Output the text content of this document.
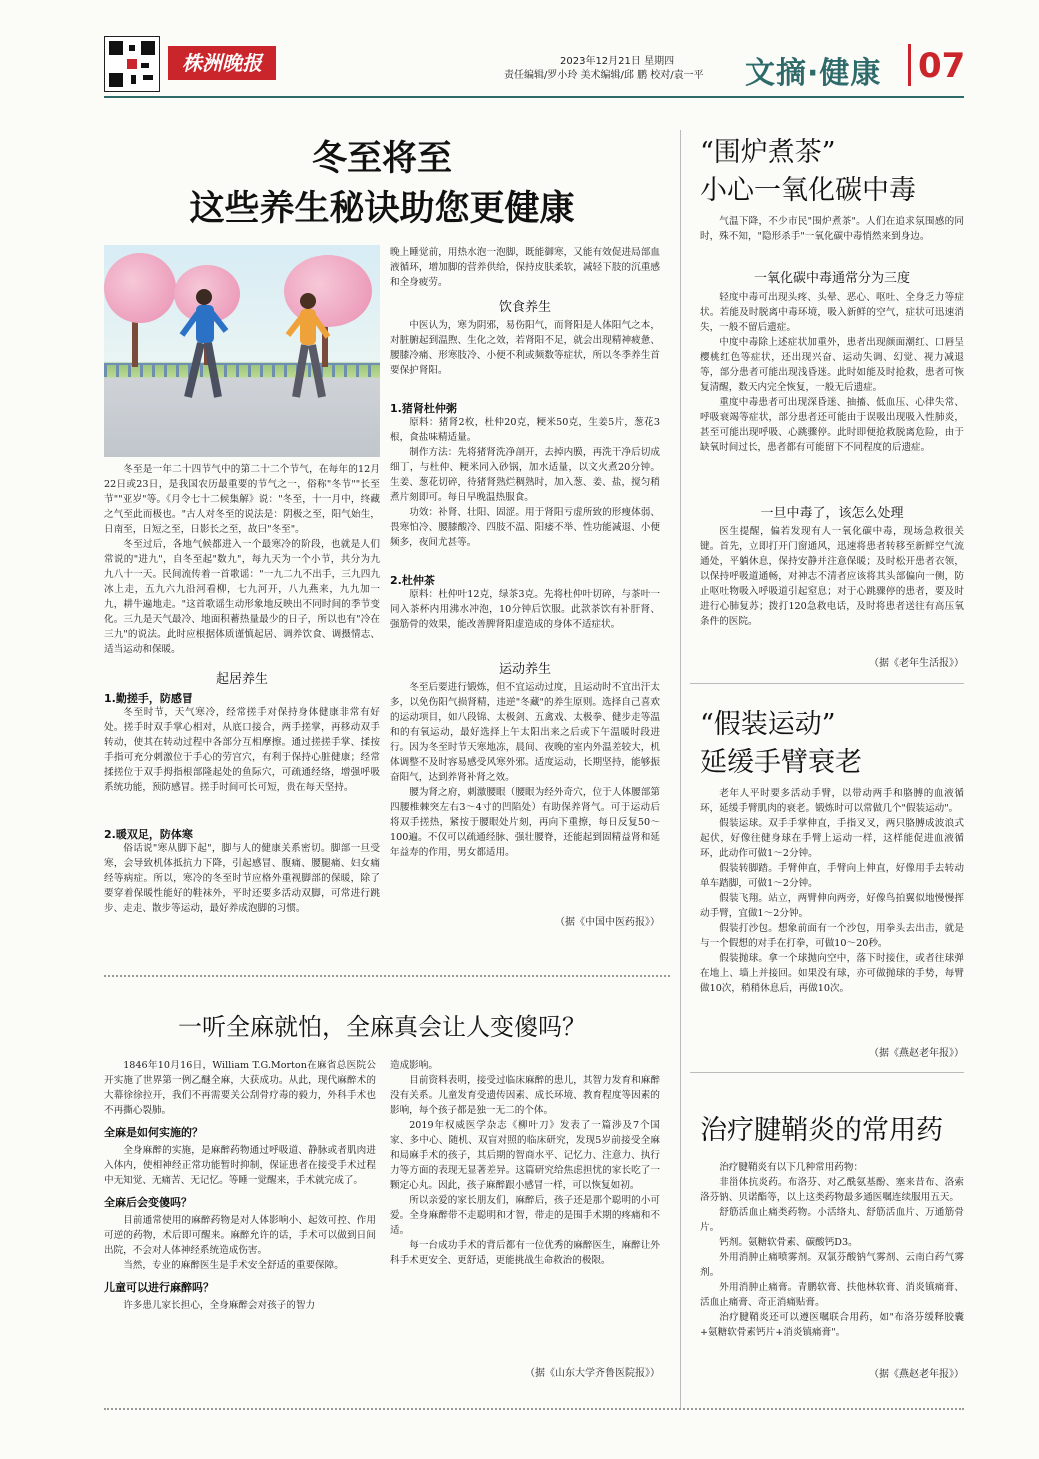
株洲晚报	2023年12月21日 星期四
责任编辑/罗小玲 美术编辑/邱 鹏 校对/袁一平 文摘·健康 07
冬至将至
这些养生秘诀助您更健康

冬至是一年二十四节气中的第二十二个节气，在每年的12月22日或23日，是我国农历最重要的节气之一，俗称"冬节""长至节""亚岁"等。《月令七十二候集解》说："冬至，十一月中，终藏之气至此而极也。"古人对冬至的说法是：阴极之至，阳气始生，日南至，日短之至，日影长之至，故曰"冬至"。

冬至过后，各地气候都进入一个最寒冷的阶段，也就是人们常说的"进九"，自冬至起"数九"，每九天为一个小节，共分为九九八十一天。民间流传着一首歌谣："一九二九不出手，三九四九冰上走，五九六九沿河看柳，七九河开，八九燕来，九九加一九，耕牛遍地走。"这首歌谣生动形象地反映出不同时间的季节变化。三九是天气最冷、地面积蓄热量最少的日子，所以也有"冷在三九"的说法。此时应根据体质谨慎起居、调养饮食、调摄情志、适当运动和保暖。

起居养生
1.勤搓手，防感冒

冬至时节，天气寒冷，经常搓手对保持身体健康非常有好处。搓手时双手掌心相对，从底口接合，两手搓掌，再移动双手转动，使其在转动过程中各部分互相摩擦。通过搓搓手掌、揉按手指可充分刺激位于手心的劳宫穴，有利于保持心脏健康；经常揉搓位于双手拇指根部隆起处的鱼际穴，可疏通经络，增强呼吸系统功能，预防感冒。搓手时间可长可短，贵在每天坚持。

2.暖双足，防体寒

俗话说"寒从脚下起"，脚与人的健康关系密切。脚部一旦受寒，会导致机体抵抗力下降，引起感冒、腹痛、腰腿痛、妇女痛经等病症。所以，寒冷的冬至时节应格外重视脚部的保暖，除了要穿着保暖性能好的鞋袜外，平时还要多活动双脚，可常进行跳步、走走、散步等运动，最好养成泡脚的习惯。

晚上睡觉前，用热水泡一泡脚，既能御寒，又能有效促进局部血液循环，增加脚的营养供给，保持皮肤柔软，减轻下肢的沉重感和全身疲劳。

饮食养生

中医认为，寒为阴邪，易伤阳气，而肾阳是人体阳气之本，对脏腑起到温煦、生化之效，若肾阳不足，就会出现精神疲惫、腰膝冷痛、形寒肢冷、小便不利或频数等症状，所以冬季养生首要保护肾阳。

1.猪肾杜仲粥

原料：猪肾2枚，杜仲20克，粳米50克，生姜5片，葱花3根，食盐味精适量。

制作方法：先将猪肾洗净剖开，去掉内膜，再洗干净后切成细丁，与杜仲、粳米同入砂锅，加水适量，以文火煮20分钟。生姜、葱花切碎，待猪肾熟烂稠熟时，加入葱、姜、盐，搅匀稍煮片刻即可。每日早晚温热服食。

功效：补肾、壮阳、固涩。用于肾阳亏虚所致的形瘦体弱、畏寒怕冷、腰膝酸冷、四肢不温、阳痿不举、性功能减退、小便频多，夜间尤甚等。

2.杜仲茶

原料：杜仲叶12克，绿茶3克。先将杜仲叶切碎，与茶叶一同入茶杯内用沸水冲泡，10分钟后饮服。此款茶饮有补肝肾、强筋骨的效果，能改善脾肾阳虚造成的身体不适症状。

运动养生

冬至后要进行锻炼，但不宜运动过度，且运动时不宜出汗太多，以免伤阳气损肾精，违逆"冬藏"的养生原则。选择自己喜欢的运动项目，如八段锦、太极剑、五禽戏、太极拳、健步走等温和的有氧运动，最好选择上午太阳出来之后或下午温暖时段进行。因为冬至时节天寒地冻，晨间、夜晚的室内外温差较大，机体调整不及时容易感受风寒外邪。适度运动，长期坚持，能够振奋阳气，达到养肾补肾之效。

腰为肾之府，刺激腰眼（腰眼为经外奇穴，位于人体腰部第四腰椎棘突左右3～4寸的凹陷处）有助保养肾气。可于运动后将双手搓热，紧按于腰眼处片刻，再向下重擦，每日反复50～100遍。不仅可以疏通经脉、强壮腰脊，还能起到固精益肾和延年益寿的作用，男女都适用。

（据《中国中医药报》）
“围炉煮茶”
小心一氧化碳中毒

气温下降，不少市民"围炉煮茶"。人们在追求氛围感的同时，殊不知，"隐形杀手"一氧化碳中毒悄然来到身边。

一氧化碳中毒通常分为三度

轻度中毒可出现头疼、头晕、恶心、呕吐、全身乏力等症状。若能及时脱离中毒环境，吸入新鲜的空气，症状可迅速消失，一般不留后遗症。

中度中毒除上述症状加重外，患者出现颜面潮红、口唇呈樱桃红色等症状，还出现兴奋、运动失调、幻觉、视力减退等，部分患者可能出现浅昏迷。此时如能及时抢救，患者可恢复清醒，数天内完全恢复，一般无后遗症。

重度中毒患者可出现深昏迷、抽搐、低血压、心律失常、呼吸衰竭等症状，部分患者还可能由于误吸出现吸入性肺炎，甚至可能出现呼吸、心跳骤停。此时即便抢救脱离危险，由于缺氧时间过长，患者都有可能留下不同程度的后遗症。

一旦中毒了，该怎么处理

医生提醒，偏若发现有人一氧化碳中毒，现场急救很关键。首先，立即打开门窗通风，迅速将患者转移至新鲜空气流通处，平躺休息，保持安静并注意保暖；及时松开患者衣领，以保持呼吸道通畅，对神志不清者应该将其头部偏向一侧，防止呕吐物吸入呼吸道引起窒息；对于心跳骤停的患者，要及时进行心肺复苏；拨打120急救电话，及时将患者送往有高压氧条件的医院。

（据《老年生活报》）
“假装运动”
延缓手臂衰老

老年人平时要多活动手臂，以带动两手和胳膊的血液循环，延缓手臂肌肉的衰老。锻炼时可以常做几个"假装运动"。

假装运球。双手手掌伸直，手指叉叉，两只胳膊成波浪式起伏，好像往健身球在手臂上运动一样，这样能促进血液循环，此动作可做1～2分钟。

假装转脚踏。手臂伸直，手臂向上伸直，好像用手去转动单车踏脚，可做1～2分钟。

假装飞翔。站立，两臂伸向两旁，好像鸟拍翼似地慢慢挥动手臂，宜做1～2分钟。

假装打沙包。想象前面有一个沙包，用拳头去出击，就是与一个假想的对手在打拳，可做10～20秒。

假装抛球。拿一个球抛向空中，落下时接住，或者往球弹在地上、墙上并接回。如果没有球，亦可做抛球的手势，每臂做10次，稍稍休息后，再做10次。

（据《燕赵老年报》）
治疗腱鞘炎的常用药

治疗腱鞘炎有以下几种常用药物：

非甾体抗炎药。布洛芬、对乙酰氨基酚、塞来昔布、洛索洛芬钠、贝诺酯等，以上这类药物最多通医嘱连续服用五天。

舒筋活血止痛类药物。小活络丸、舒筋活血片、万通筋骨片。

钙剂。氨糖软骨素、碳酸钙D3。

外用消肿止痛喷雾剂。双氯芬酸钠气雾剂、云南白药气雾剂。

外用消肿止痛膏。青鹏软膏、扶他林软膏、消炎镇痛膏、活血止痛膏、奇正消痛贴膏。

治疗腱鞘炎还可以遵医嘱联合用药，如"布洛芬缓释胶囊+氨糖软骨素钙片+消炎镇痛膏"。

（据《燕赵老年报》）
一听全麻就怕，全麻真会让人变傻吗？

1846年10月16日，William T.G.Morton在麻省总医院公开实施了世界第一例乙醚全麻，大获成功。从此，现代麻醉术的大幕徐徐拉开，我们不再需要关公刮骨疗毒的毅力，外科手术也不再撕心裂肺。

全麻是如何实施的？

全身麻醉的实施，是麻醉药物通过呼吸道、静脉或者肌肉进入体内，使相神经正常功能暂时抑制，保证患者在接受手术过程中无知觉、无痛苦、无记忆。等睡一觉醒来，手术就完成了。

全麻后会变傻吗？

目前通常使用的麻醉药物是对人体影响小、起效可控、作用可逆的药物，术后即可醒来。麻醉允许的话，手术可以做到日间出院，不会对人体神经系统造成伤害。

当然，专业的麻醉医生是手术安全舒适的重要保障。

儿童可以进行麻醉吗？

许多患儿家长担心，全身麻醉会对孩子的智力

造成影响。

目前资料表明，接受过临床麻醉的患儿，其智力发育和麻醉没有关系。儿童发育受遗传因素、成长环境、教育程度等因素的影响，每个孩子都是独一无二的个体。

2019年权威医学杂志《柳叶刀》发表了一篇涉及7个国家、多中心、随机、双盲对照的临床研究，发现5岁前接受全麻和局麻手术的孩子，其后期的智商水平、记忆力、注意力、执行力等方面的表现无显著差异。这篇研究给焦虑担忧的家长吃了一颗定心丸。因此，孩子麻醉跟小感冒一样，可以恢复如初。

所以亲爱的家长朋友们，麻醉后，孩子还是那个聪明的小可爱。全身麻醉带不走聪明和才智，带走的是围手术期的疼痛和不适。

每一台成功手术的背后都有一位优秀的麻醉医生，麻醉让外科手术更安全、更舒适，更能挑战生命救治的极限。

（据《山东大学齐鲁医院报》）
